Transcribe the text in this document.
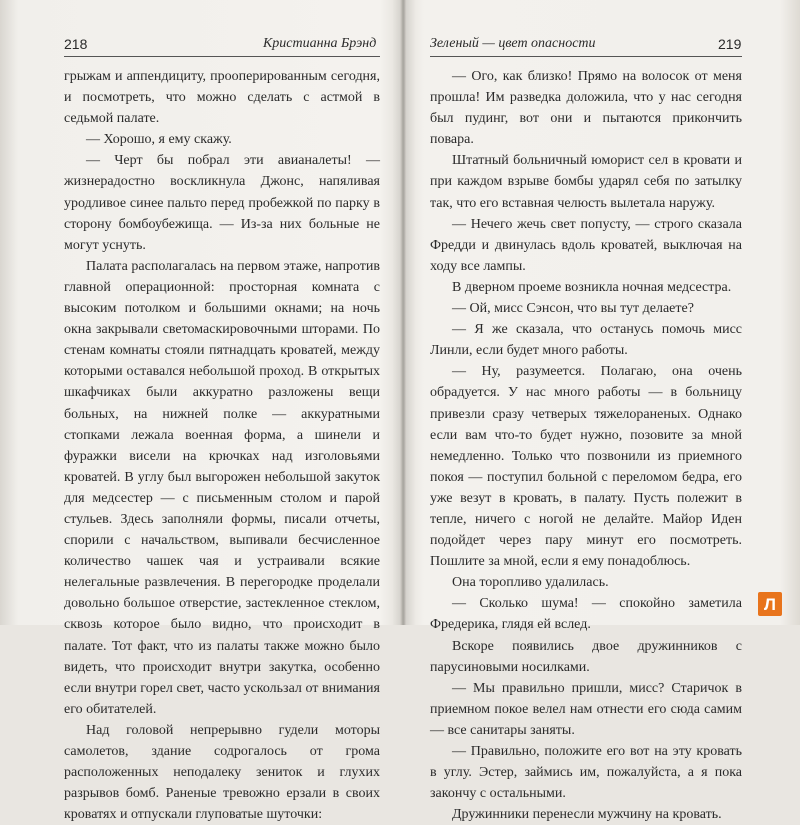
218	Кристианна Брэнд

грыжам и аппендициту, прооперированным сегодня, и посмотреть, что можно сделать с астмой в седьмой палате.

— Хорошо, я ему скажу.

— Черт бы побрал эти авианалеты! — жизнерадостно воскликнула Джонс, напяливая уродливое синее пальто перед пробежкой по парку в сторону бомбоубежища. — Из-за них больные не могут уснуть.

Палата располагалась на первом этаже, напротив главной операционной: просторная комната с высоким потолком и большими окнами; на ночь окна закрывали светомаскировочными шторами. По стенам комнаты стояли пятнадцать кроватей, между которыми оставался небольшой проход. В открытых шкафчиках были аккуратно разложены вещи больных, на нижней полке — аккуратными стопками лежала военная форма, а шинели и фуражки висели на крючках над изголовьями кроватей. В углу был выгорожен небольшой закуток для медсестер — с письменным столом и парой стульев. Здесь заполняли формы, писали отчеты, спорили с начальством, выпивали бесчисленное количество чашек чая и устраивали всякие нелегальные развлечения. В перегородке проделали довольно большое отверстие, застекленное стеклом, сквозь которое было видно, что происходит в палате. Тот факт, что из палаты также можно было видеть, что происходит внутри закутка, особенно если внутри горел свет, часто ускользал от внимания его обитателей.

Над головой непрерывно гудели моторы самолетов, здание содрогалось от грома расположенных неподалеку зениток и глухих разрывов бомб. Раненые тревожно ерзали в своих кроватях и отпускали глуповатые шуточки:

Зеленый — цвет опасности	219

— Ого, как близко! Прямо на волосок от меня прошла! Им разведка доложила, что у нас сегодня был пудинг, вот они и пытаются прикончить повара.

Штатный больничный юморист сел в кровати и при каждом взрыве бомбы ударял себя по затылку так, что его вставная челюсть вылетала наружу.

— Нечего жечь свет попусту, — строго сказала Фредди и двинулась вдоль кроватей, выключая на ходу все лампы.

В дверном проеме возникла ночная медсестра.

— Ой, мисс Сэнсон, что вы тут делаете?

— Я же сказала, что останусь помочь мисс Линли, если будет много работы.

— Ну, разумеется. Полагаю, она очень обрадуется. У нас много работы — в больницу привезли сразу четверых тяжелораненых. Однако если вам что-то будет нужно, позовите за мной немедленно. Только что позвонили из приемного покоя — поступил больной с переломом бедра, его уже везут в кровать, в палату. Пусть полежит в тепле, ничего с ногой не делайте. Майор Иден подойдет через пару минут его посмотреть. Пошлите за мной, если я ему понадоблюсь.

Она торопливо удалилась.

— Сколько шума! — спокойно заметила Фредерика, глядя ей вслед.

Вскоре появились двое дружинников с парусиновыми носилками.

— Мы правильно пришли, мисс? Старичок в приемном покое велел нам отнести его сюда самим — все санитары заняты.

— Правильно, положите его вот на эту кровать в углу. Эстер, займись им, пожалуйста, а я пока закончу с остальными.

Дружинники перенесли мужчину на кровать.

Л
